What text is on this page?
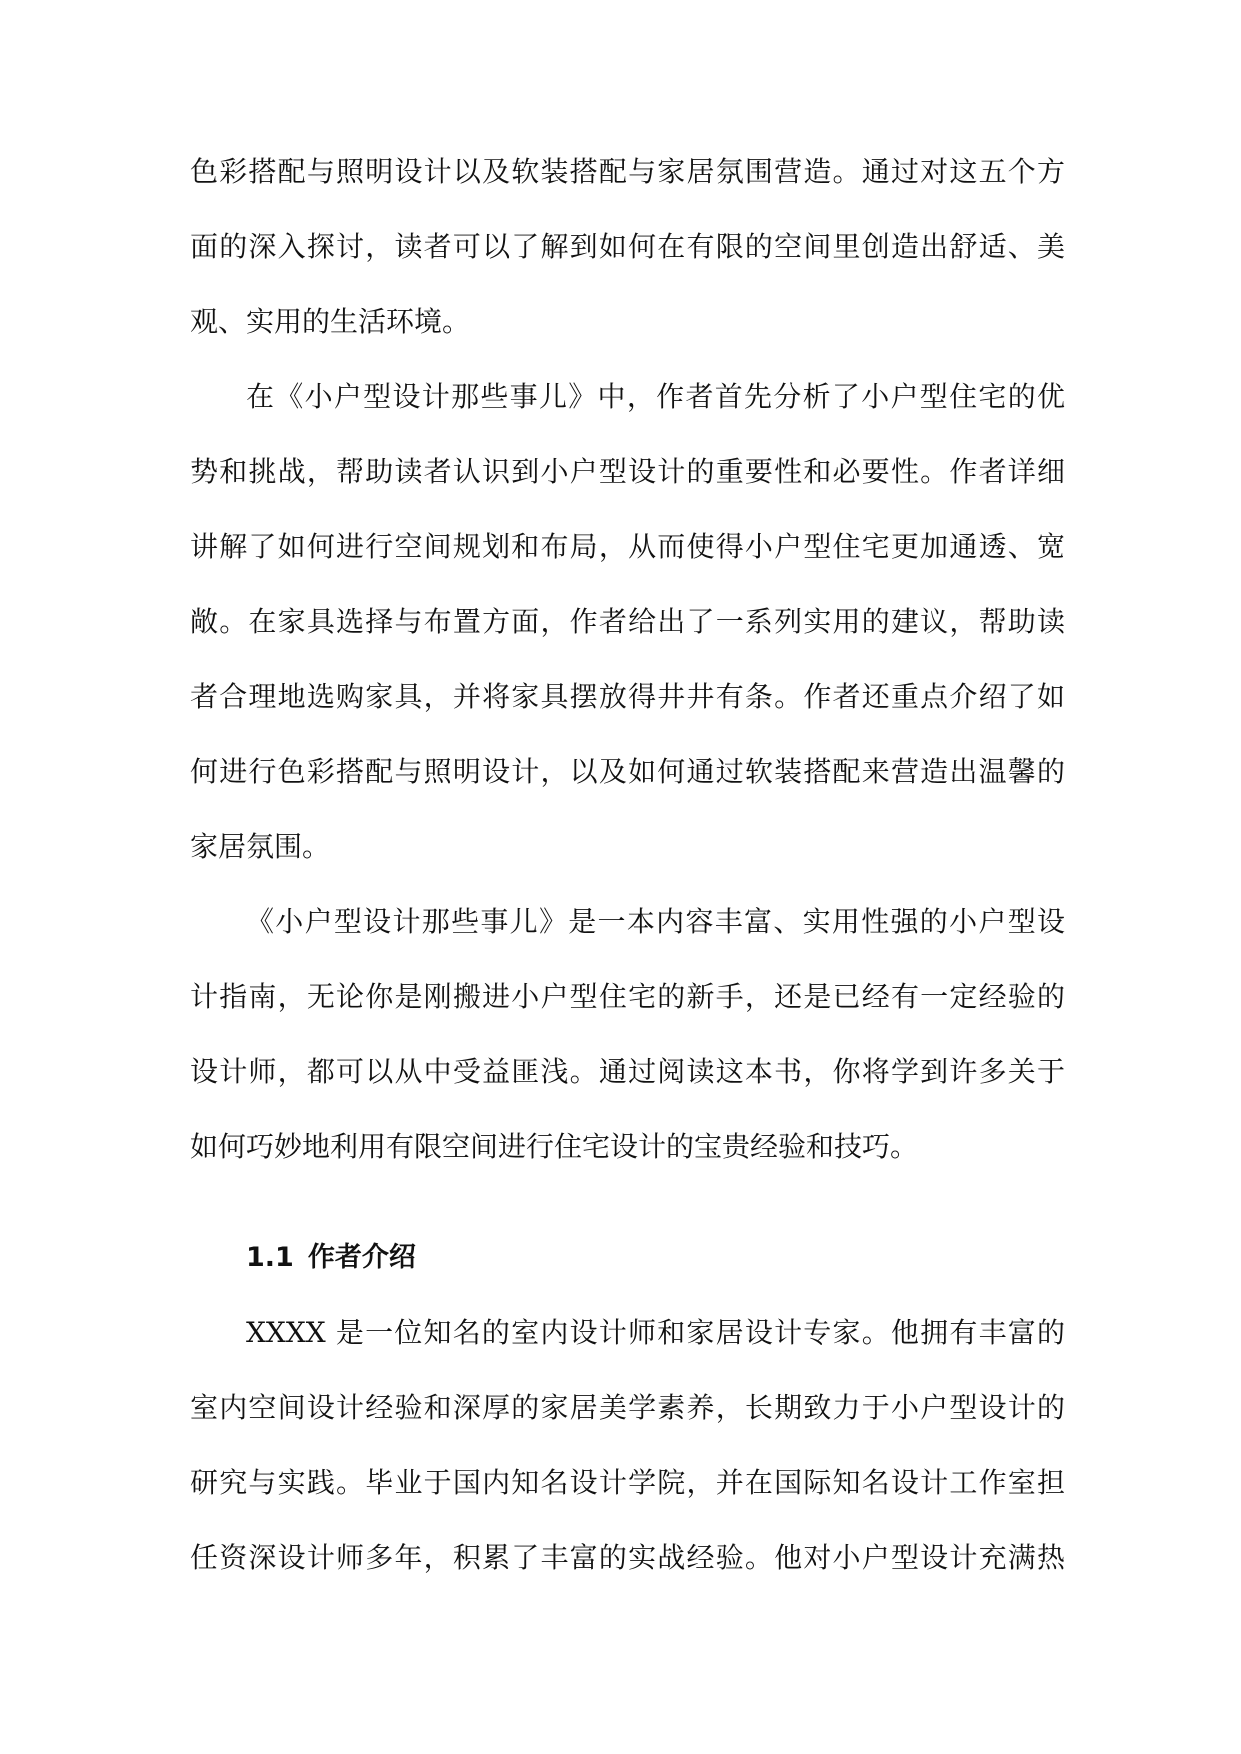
色彩搭配与照明设计以及软装搭配与家居氛围营造。通过对这五个方
面的深入探讨，读者可以了解到如何在有限的空间里创造出舒适、美
观、实用的生活环境。
在《小户型设计那些事儿》中，作者首先分析了小户型住宅的优
势和挑战，帮助读者认识到小户型设计的重要性和必要性。作者详细
讲解了如何进行空间规划和布局，从而使得小户型住宅更加通透、宽
敞。在家具选择与布置方面，作者给出了一系列实用的建议，帮助读
者合理地选购家具，并将家具摆放得井井有条。作者还重点介绍了如
何进行色彩搭配与照明设计，以及如何通过软装搭配来营造出温馨的
家居氛围。
《小户型设计那些事儿》是一本内容丰富、实用性强的小户型设
计指南，无论你是刚搬进小户型住宅的新手，还是已经有一定经验的
设计师，都可以从中受益匪浅。通过阅读这本书，你将学到许多关于
如何巧妙地利用有限空间进行住宅设计的宝贵经验和技巧。
1.1 作者介绍
XXXX 是一位知名的室内设计师和家居设计专家。他拥有丰富的
室内空间设计经验和深厚的家居美学素养，长期致力于小户型设计的
研究与实践。毕业于国内知名设计学院，并在国际知名设计工作室担
任资深设计师多年，积累了丰富的实战经验。他对小户型设计充满热
